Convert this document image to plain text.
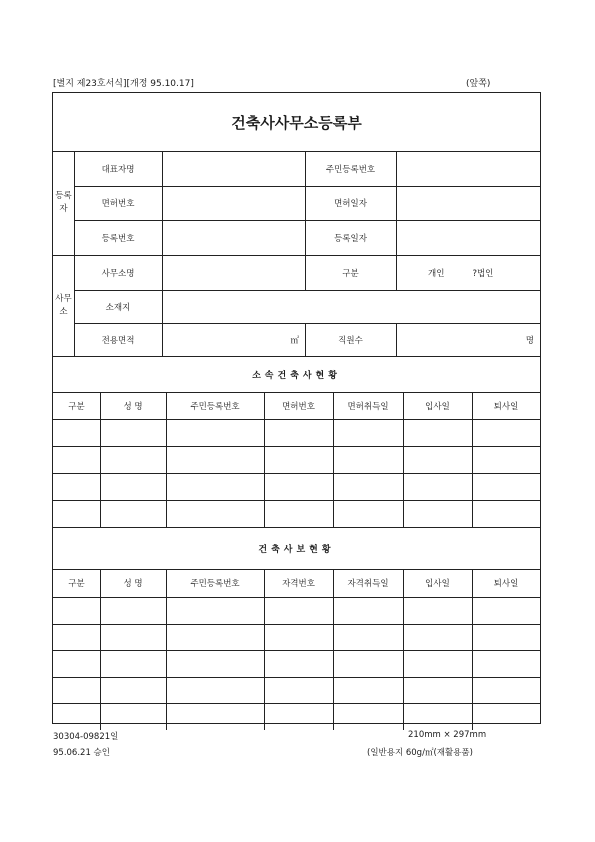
[별지 제23호서식][개정 95.10.17]	(앞쪽)
건축사사무소등록부
등록
자
대표자명	주민등록번호
면허번호	면허일자
등록번호	등록일자
사무
소
사무소명	구분	개인	?법인
소재지
전용면적	㎡	직원수	명
소속건축사현황
구분	성 명	주민등록번호	면허번호	면허취득일	입사일	퇴사일
건축사보현황
구분	성 명	주민등록번호	자격번호	자격취득일	입사일	퇴사일
30304-09821일
95.06.21 승인
210mm × 297mm
(일반용지 60g/㎡(재활용품)
